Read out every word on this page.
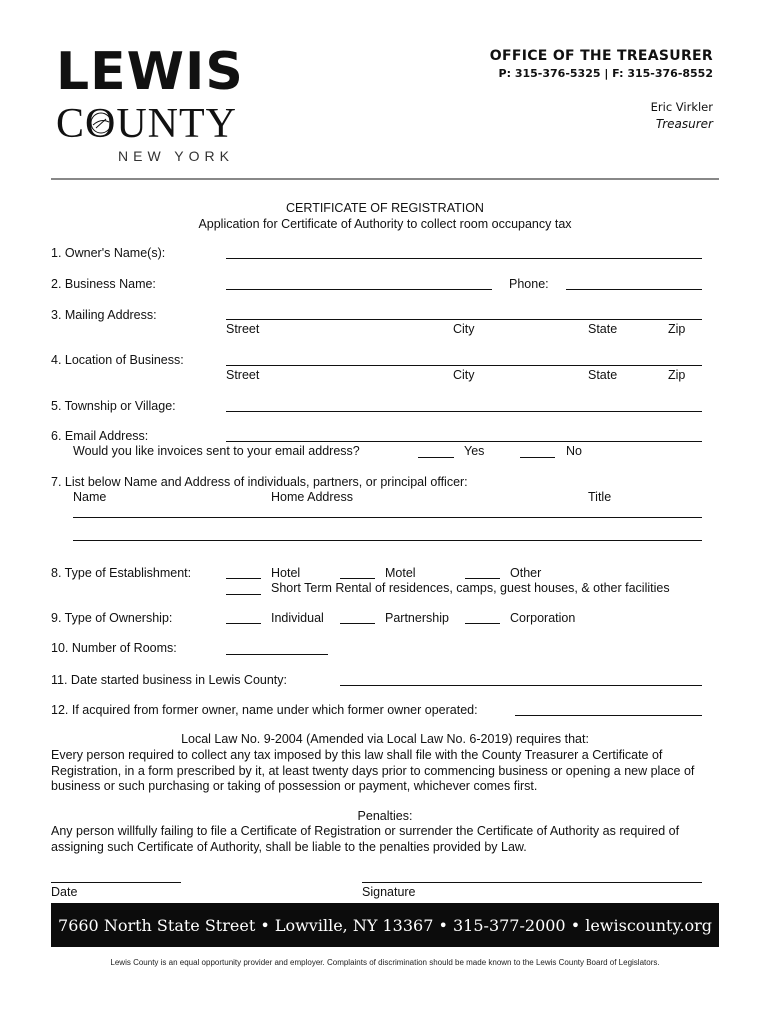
LEWIS
COUNTY
NEW YORK
OFFICE OF THE TREASURER
P: 315-376-5325 | F: 315-376-8552
Eric Virkler
Treasurer
CERTIFICATE OF REGISTRATION
Application for Certificate of Authority to collect room occupancy tax
1. Owner's Name(s):
2. Business Name:	Phone:
3. Mailing Address:
Street	City	State	Zip
4. Location of Business:
Street	City	State	Zip
5. Township or Village:
6. Email Address:
Would you like invoices sent to your email address?	Yes	No
7. List below Name and Address of individuals, partners, or principal officer:
Name	Home Address	Title
8. Type of Establishment:	Hotel	Motel	Other
Short Term Rental of residences, camps, guest houses, & other facilities
9. Type of Ownership:	Individual	Partnership	Corporation
10. Number of Rooms:
11. Date started business in Lewis County:
12. If acquired from former owner, name under which former owner operated:
Local Law No. 9-2004 (Amended via Local Law No. 6-2019) requires that:
Every person required to collect any tax imposed by this law shall file with the County Treasurer a Certificate of Registration, in a form prescribed by it, at least twenty days prior to commencing business or opening a new place of business or such purchasing or taking of possession or payment, whichever comes first.
Penalties:
Any person willfully failing to file a Certificate of Registration or surrender the Certificate of Authority as required of assigning such Certificate of Authority, shall be liable to the penalties provided by Law.
Date	Signature
7660 North State Street • Lowville, NY 13367 • 315-377-2000 • lewiscounty.org
Lewis County is an equal opportunity provider and employer. Complaints of discrimination should be made known to the Lewis County Board of Legislators.
